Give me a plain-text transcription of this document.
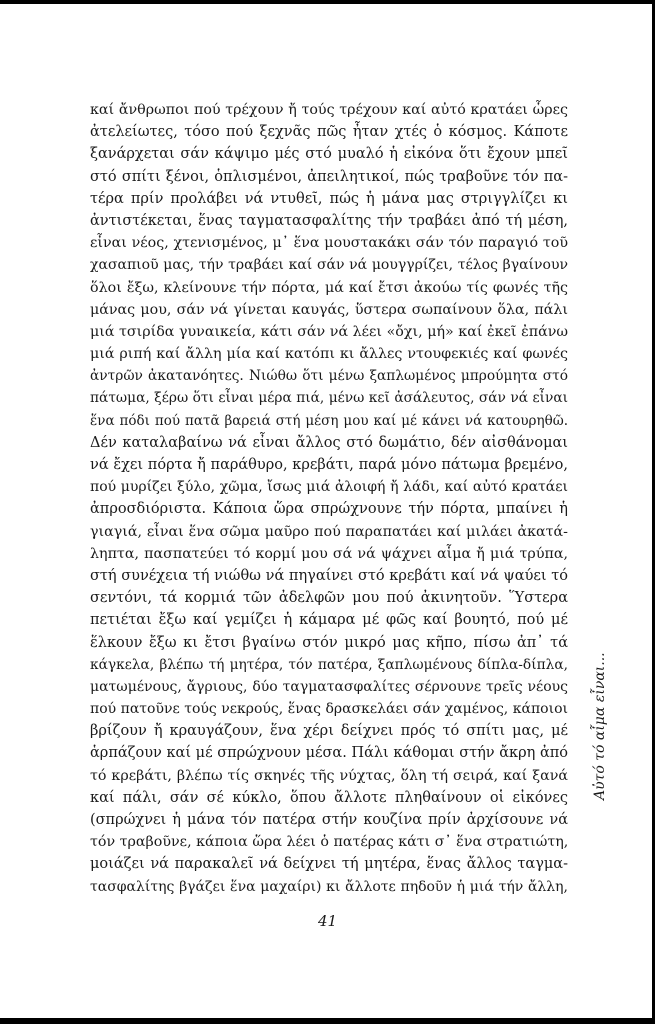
καί ἄνθρωποι πού τρέχουν ἤ τούς τρέχουν καί αὐτό κρατάει ὧρες
ἀτελείωτες, τόσο πού ξεχνᾶς πῶς ἦταν χτές ὁ κόσμος. Κάποτε
ξανάρχεται σάν κάψιμο μές στό μυαλό ἡ εἰκόνα ὅτι ἔχουν μπεῖ
στό σπίτι ξένοι, ὁπλισμένοι, ἀπειλητικοί, πώς τραβοῦνε τόν πα-
τέρα πρίν προλάβει νά ντυθεῖ, πώς ἡ μάνα μας στριγγλίζει κι
ἀντιστέκεται, ἕνας ταγματασφαλίτης τήν τραβάει ἀπό τή μέση,
εἶναι νέος, χτενισμένος, μ᾿ ἕνα μουστακάκι σάν τόν παραγιό τοῦ
χασαπιοῦ μας, τήν τραβάει καί σάν νά μουγγρίζει, τέλος βγαίνουν
ὅλοι ἔξω, κλείνουνε τήν πόρτα, μά καί ἔτσι ἀκούω τίς φωνές τῆς
μάνας μου, σάν νά γίνεται καυγάς, ὕστερα σωπαίνουν ὅλα, πάλι
μιά τσιρίδα γυναικεία, κάτι σάν νά λέει «ὄχι, μή» καί ἐκεῖ ἐπάνω
μιά ριπή καί ἄλλη μία καί κατόπι κι ἄλλες ντουφεκιές καί φωνές
ἀντρῶν ἀκατανόητες. Νιώθω ὅτι μένω ξαπλωμένος μπρούμητα στό
πάτωμα, ξέρω ὅτι εἶναι μέρα πιά, μένω κεῖ ἀσάλευτος, σάν νά εἶναι
ἕνα πόδι πού πατᾶ βαρειά στή μέση μου καί μέ κάνει νά κατουρηθῶ.
Δέν καταλαβαίνω νά εἶναι ἄλλος στό δωμάτιο, δέν αἰσθάνομαι
νά ἔχει πόρτα ἤ παράθυρο, κρεβάτι, παρά μόνο πάτωμα βρεμένο,
πού μυρίζει ξύλο, χῶμα, ἴσως μιά ἀλοιφή ἤ λάδι, καί αὐτό κρατάει
ἀπροσδιόριστα. Κάποια ὥρα σπρώχνουνε τήν πόρτα, μπαίνει ἡ
γιαγιά, εἶναι ἕνα σῶμα μαῦρο πού παραπατάει καί μιλάει ἀκατά-
ληπτα, πασπατεύει τό κορμί μου σά νά ψάχνει αἷμα ἤ μιά τρύπα,
στή συνέχεια τή νιώθω νά πηγαίνει στό κρεβάτι καί νά ψαύει τό
σεντόνι, τά κορμιά τῶν ἀδελφῶν μου πού ἀκινητοῦν. Ὕστερα
πετιέται ἔξω καί γεμίζει ἡ κάμαρα μέ φῶς καί βουητό, πού μέ
ἕλκουν ἔξω κι ἔτσι βγαίνω στόν μικρό μας κῆπο, πίσω ἀπ᾿ τά
κάγκελα, βλέπω τή μητέρα, τόν πατέρα, ξαπλωμένους δίπλα-δίπλα,
ματωμένους, ἄγριους, δύο ταγματασφαλίτες σέρνουνε τρεῖς νέους
πού πατοῦνε τούς νεκρούς, ἕνας δρασκελάει σάν χαμένος, κάποιοι
βρίζουν ἤ κραυγάζουν, ἕνα χέρι δείχνει πρός τό σπίτι μας, μέ
ἁρπάζουν καί μέ σπρώχνουν μέσα. Πάλι κάθομαι στήν ἄκρη ἀπό
τό κρεβάτι, βλέπω τίς σκηνές τῆς νύχτας, ὅλη τή σειρά, καί ξανά
καί πάλι, σάν σέ κύκλο, ὅπου ἄλλοτε πληθαίνουν οἱ εἰκόνες
(σπρώχνει ἡ μάνα τόν πατέρα στήν κουζίνα πρίν ἀρχίσουνε νά
τόν τραβοῦνε, κάποια ὥρα λέει ὁ πατέρας κάτι σ᾿ ἕνα στρατιώτη,
μοιάζει νά παρακαλεῖ νά δείχνει τή μητέρα, ἕνας ἄλλος ταγμα-
τασφαλίτης βγάζει ἕνα μαχαίρι) κι ἄλλοτε πηδοῦν ἡ μιά τήν ἄλλη,
Αὐτό τό αἷμα εἶναι...
41
